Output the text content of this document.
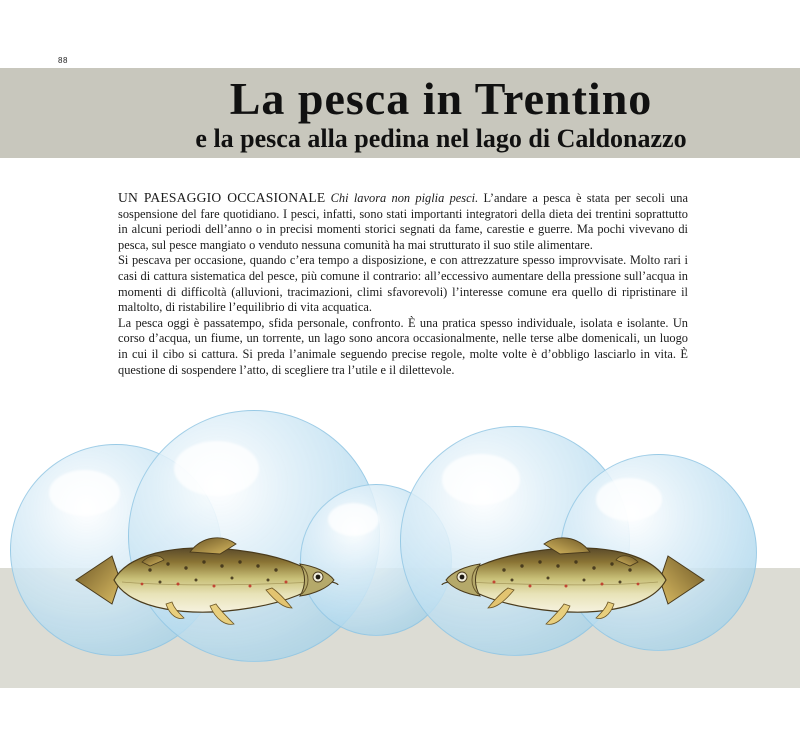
88
La pesca in Trentino
e la pesca alla pedina nel lago di Caldonazzo

UN PAESAGGIO OCCASIONALE Chi lavora non piglia pesci. L’andare a pesca è stata per secoli una sospensione del fare quotidiano. I pesci, infatti, sono stati importanti integratori della dieta dei trentini soprattutto in alcuni periodi dell’anno o in precisi momenti storici segnati da fame, carestie e guerre. Ma pochi vivevano di pesca, sul pesce mangiato o venduto nessuna comunità ha mai strutturato il suo stile alimentare.

Si pescava per occasione, quando c’era tempo a disposizione, e con attrezzature spesso improvvisate. Molto rari i casi di cattura sistematica del pesce, più comune il contrario: all’eccessivo aumentare della pressione sull’acqua in momenti di difficoltà (alluvioni, tracimazioni, climi sfavorevoli) l’interesse comune era quello di ripristinare il maltolto, di ristabilire l’equilibrio di vita acquatica.

La pesca oggi è passatempo, sfida personale, confronto. È una pratica spesso individuale, isolata e isolante. Un corso d’acqua, un fiume, un torrente, un lago sono ancora occasionalmente, nelle terse albe domenicali, un luogo in cui il cibo si cattura. Si preda l’animale seguendo precise regole, molte volte è d’obbligo lasciarlo in vita. È questione di sospendere l’atto, di scegliere tra l’utile e il dilettevole.
